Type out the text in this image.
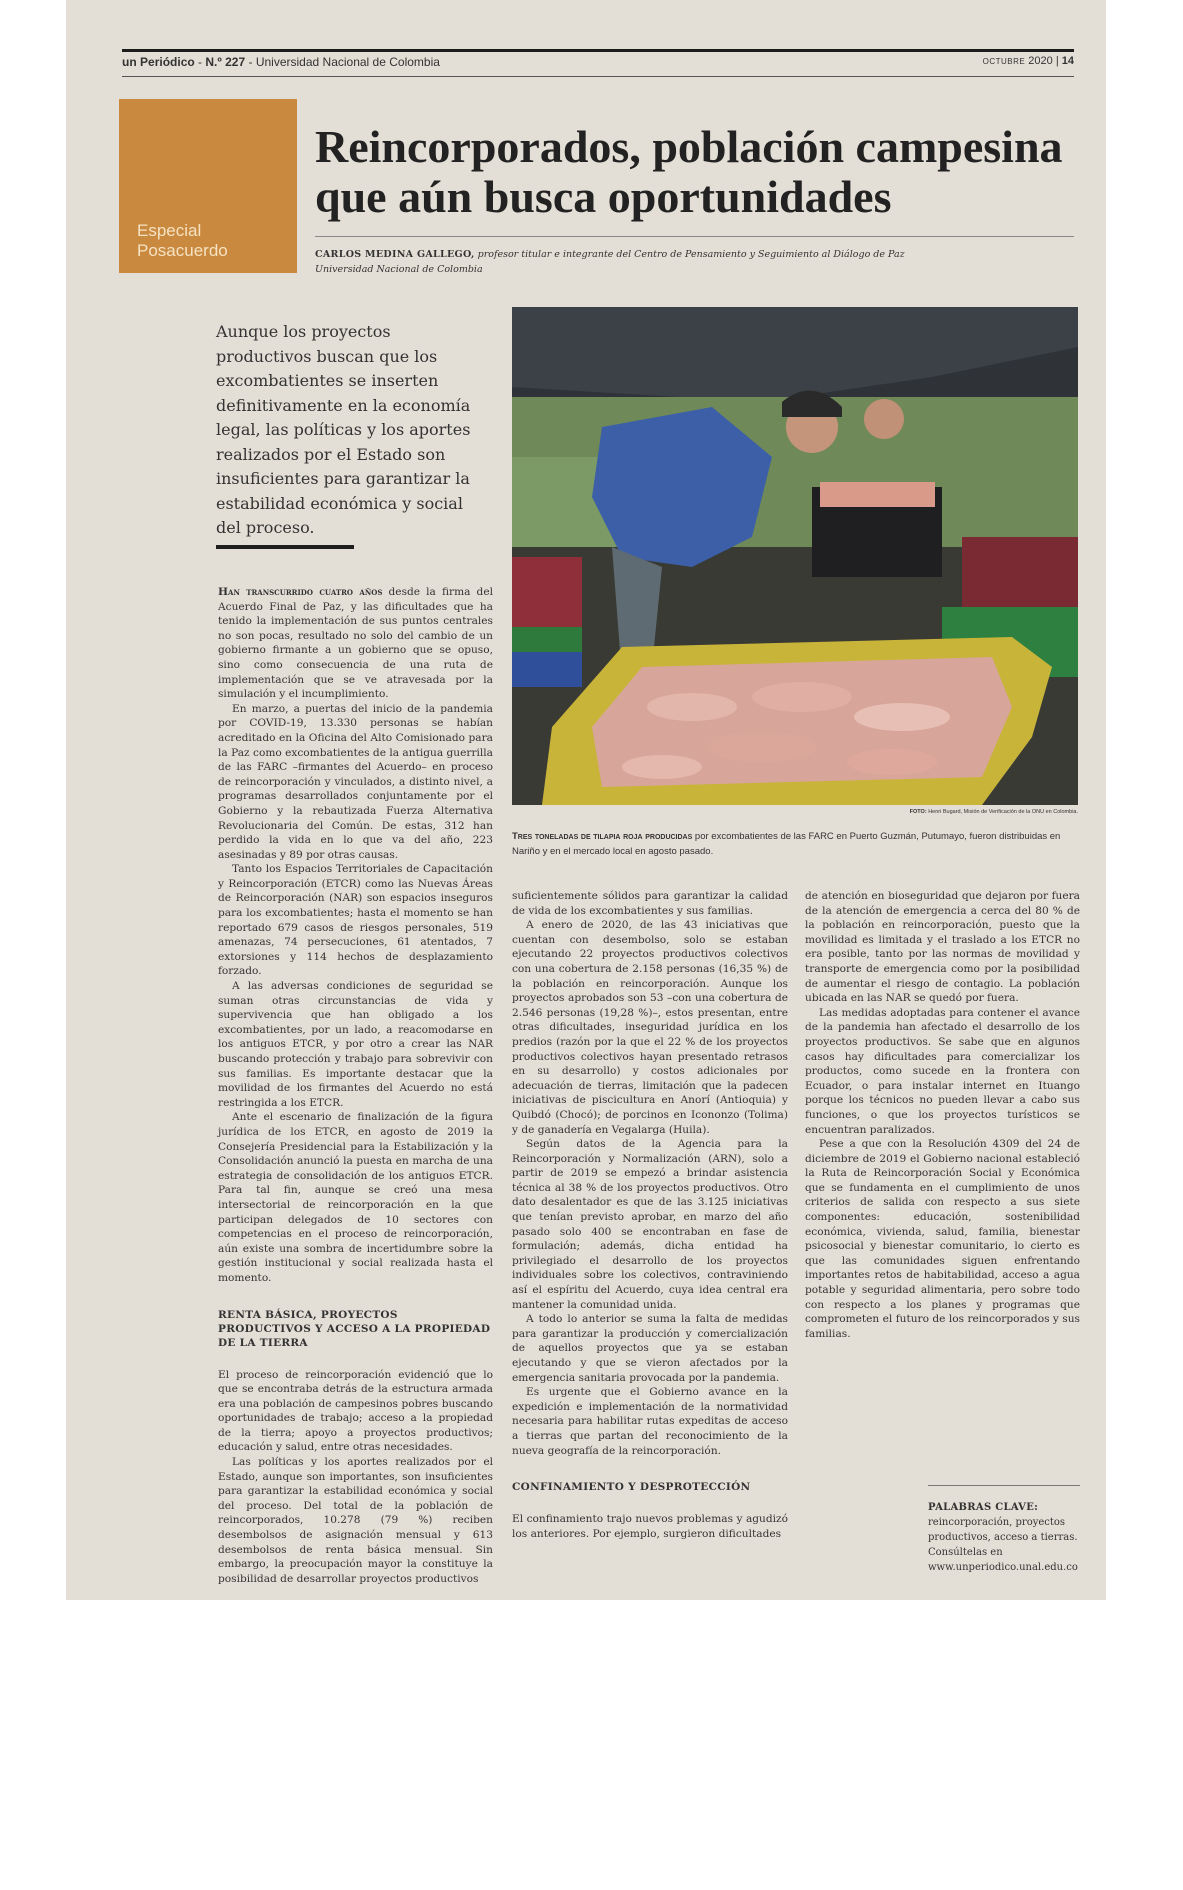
un Periódico - N.º 227 - Universidad Nacional de Colombia	octubre 2020 | 14
Especial
Posacuerdo
Reincorporados, población campesina que aún busca oportunidades
CARLOS MEDINA GALLEGO, profesor titular e integrante del Centro de Pensamiento y Seguimiento al Diálogo de Paz
Universidad Nacional de Colombia

Aunque los proyectos productivos buscan que los excombatientes se inserten definitivamente en la economía legal, las políticas y los aportes realizados por el Estado son insuficientes para garantizar la estabilidad económica y social del proceso.

FOTO: Henri Bugard, Misión de Verificación de la ONU en Colombia.

Tres toneladas de tilapia roja producidas por excombatientes de las FARC en Puerto Guzmán, Putumayo, fueron distribuidas en Nariño y en el mercado local en agosto pasado.

Han transcurrido cuatro años desde la firma del Acuerdo Final de Paz, y las dificultades que ha tenido la implementación de sus puntos centrales no son pocas, resultado no solo del cambio de un gobierno firmante a un gobierno que se opuso, sino como consecuencia de una ruta de implementación que se ve atravesada por la simulación y el incumplimiento.

En marzo, a puertas del inicio de la pandemia por COVID-19, 13.330 personas se habían acreditado en la Oficina del Alto Comisionado para la Paz como excombatientes de la antigua guerrilla de las FARC –firmantes del Acuerdo– en proceso de reincorporación y vinculados, a distinto nivel, a programas desarrollados conjuntamente por el Gobierno y la rebautizada Fuerza Alternativa Revolucionaria del Común. De estas, 312 han perdido la vida en lo que va del año, 223 asesinadas y 89 por otras causas.

Tanto los Espacios Territoriales de Capacitación y Reincorporación (ETCR) como las Nuevas Áreas de Reincorporación (NAR) son espacios inseguros para los excombatientes; hasta el momento se han reportado 679 casos de riesgos personales, 519 amenazas, 74 persecuciones, 61 atentados, 7 extorsiones y 114 hechos de desplazamiento forzado.

A las adversas condiciones de seguridad se suman otras circunstancias de vida y supervivencia que han obligado a los excombatientes, por un lado, a reacomodarse en los antiguos ETCR, y por otro a crear las NAR buscando protección y trabajo para sobrevivir con sus familias. Es importante destacar que la movilidad de los firmantes del Acuerdo no está restringida a los ETCR.

Ante el escenario de finalización de la figura jurídica de los ETCR, en agosto de 2019 la Consejería Presidencial para la Estabilización y la Consolidación anunció la puesta en marcha de una estrategia de consolidación de los antiguos ETCR. Para tal fin, aunque se creó una mesa intersectorial de reincorporación en la que participan delegados de 10 sectores con competencias en el proceso de reincorporación, aún existe una sombra de incertidumbre sobre la gestión institucional y social realizada hasta el momento.

RENTA BÁSICA, PROYECTOS PRODUCTIVOS Y ACCESO A LA PROPIEDAD DE LA TIERRA

El proceso de reincorporación evidenció que lo que se encontraba detrás de la estructura armada era una población de campesinos pobres buscando oportunidades de trabajo; acceso a la propiedad de la tierra; apoyo a proyectos productivos; educación y salud, entre otras necesidades.

Las políticas y los aportes realizados por el Estado, aunque son importantes, son insuficientes para garantizar la estabilidad económica y social del proceso. Del total de la población de reincorporados, 10.278 (79 %) reciben desembolsos de asignación mensual y 613 desembolsos de renta básica mensual. Sin embargo, la preocupación mayor la constituye la posibilidad de desarrollar proyectos productivos

suficientemente sólidos para garantizar la calidad de vida de los excombatientes y sus familias.

A enero de 2020, de las 43 iniciativas que cuentan con desembolso, solo se estaban ejecutando 22 proyectos productivos colectivos con una cobertura de 2.158 personas (16,35 %) de la población en reincorporación. Aunque los proyectos aprobados son 53 –con una cobertura de 2.546 personas (19,28 %)–, estos presentan, entre otras dificultades, inseguridad jurídica en los predios (razón por la que el 22 % de los proyectos productivos colectivos hayan presentado retrasos en su desarrollo) y costos adicionales por adecuación de tierras, limitación que la padecen iniciativas de piscicultura en Anorí (Antioquia) y Quibdó (Chocó); de porcinos en Icononzo (Tolima) y de ganadería en Vegalarga (Huila).

Según datos de la Agencia para la Reincorporación y Normalización (ARN), solo a partir de 2019 se empezó a brindar asistencia técnica al 38 % de los proyectos productivos. Otro dato desalentador es que de las 3.125 iniciativas que tenían previsto aprobar, en marzo del año pasado solo 400 se encontraban en fase de formulación; además, dicha entidad ha privilegiado el desarrollo de los proyectos individuales sobre los colectivos, contraviniendo así el espíritu del Acuerdo, cuya idea central era mantener la comunidad unida.

A todo lo anterior se suma la falta de medidas para garantizar la producción y comercialización de aquellos proyectos que ya se estaban ejecutando y que se vieron afectados por la emergencia sanitaria provocada por la pandemia.

Es urgente que el Gobierno avance en la expedición e implementación de la normatividad necesaria para habilitar rutas expeditas de acceso a tierras que partan del reconocimiento de la nueva geografía de la reincorporación.

CONFINAMIENTO Y DESPROTECCIÓN

El confinamiento trajo nuevos problemas y agudizó los anteriores. Por ejemplo, surgieron dificultades

de atención en bioseguridad que dejaron por fuera de la atención de emergencia a cerca del 80 % de la población en reincorporación, puesto que la movilidad es limitada y el traslado a los ETCR no era posible, tanto por las normas de movilidad y transporte de emergencia como por la posibilidad de aumentar el riesgo de contagio. La población ubicada en las NAR se quedó por fuera.

Las medidas adoptadas para contener el avance de la pandemia han afectado el desarrollo de los proyectos productivos. Se sabe que en algunos casos hay dificultades para comercializar los productos, como sucede en la frontera con Ecuador, o para instalar internet en Ituango porque los técnicos no pueden llevar a cabo sus funciones, o que los proyectos turísticos se encuentran paralizados.

Pese a que con la Resolución 4309 del 24 de diciembre de 2019 el Gobierno nacional estableció la Ruta de Reincorporación Social y Económica que se fundamenta en el cumplimiento de unos criterios de salida con respecto a sus siete componentes: educación, sostenibilidad económica, vivienda, salud, familia, bienestar psicosocial y bienestar comunitario, lo cierto es que las comunidades siguen enfrentando importantes retos de habitabilidad, acceso a agua potable y seguridad alimentaria, pero sobre todo con respecto a los planes y programas que comprometen el futuro de los reincorporados y sus familias.

PALABRAS CLAVE: reincorporación, proyectos productivos, acceso a tierras. Consúltelas en www.unperiodico.unal.edu.co
